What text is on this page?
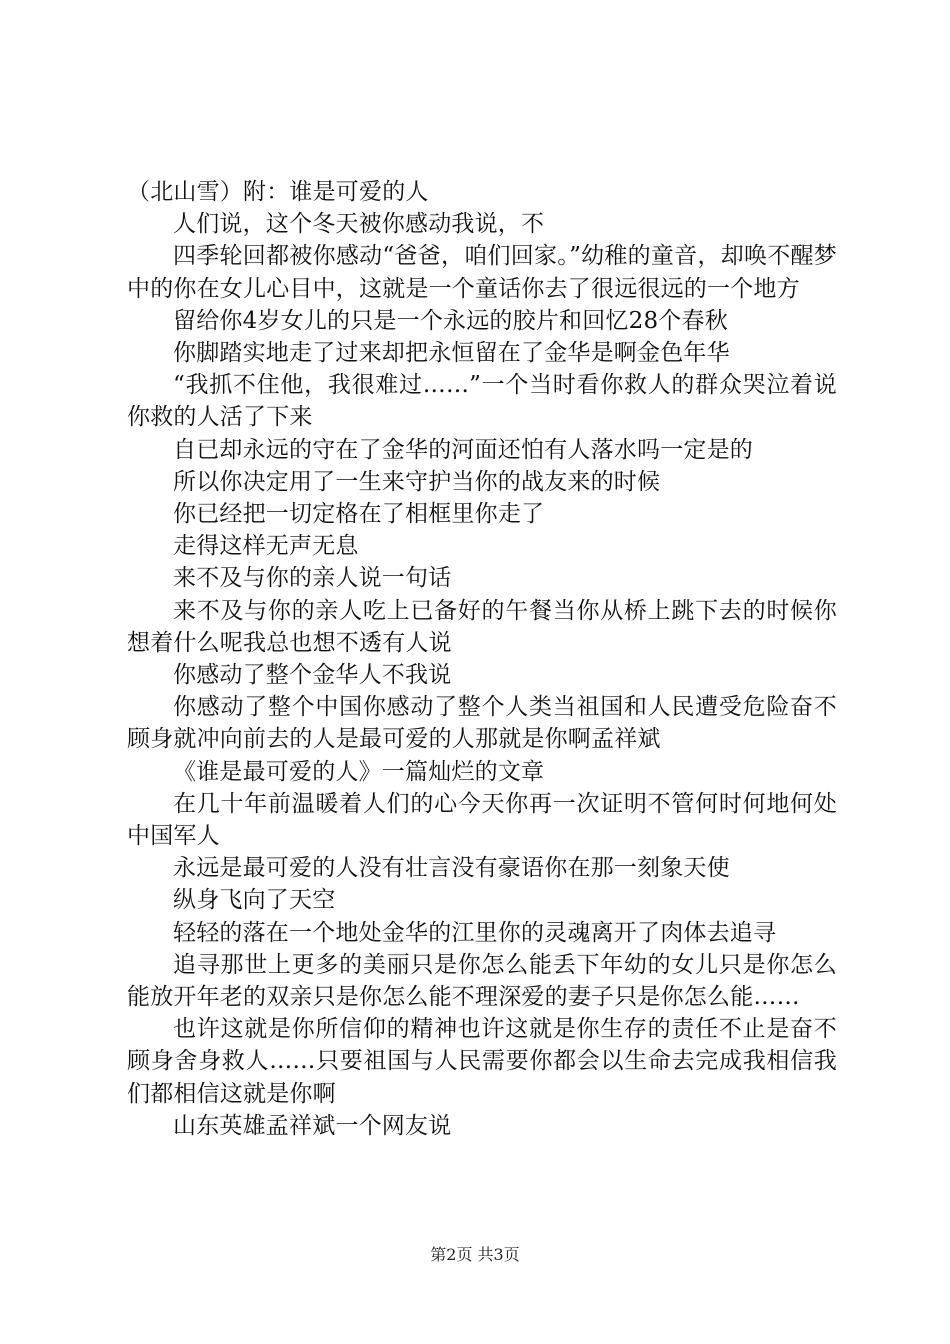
（北山雪）附：谁是可爱的人

人们说，这个冬天被你感动我说，不

四季轮回都被你感动“爸爸，咱们回家。”幼稚的童音，却唤不醒梦中的你在女儿心目中，这就是一个童话你去了很远很远的一个地方

留给你4岁女儿的只是一个永远的胶片和回忆28个春秋

你脚踏实地走了过来却把永恒留在了金华是啊金色年华

“我抓不住他，我很难过……”一个当时看你救人的群众哭泣着说你救的人活了下来

自已却永远的守在了金华的河面还怕有人落水吗一定是的

所以你决定用了一生来守护当你的战友来的时候

你已经把一切定格在了相框里你走了

走得这样无声无息

来不及与你的亲人说一句话

来不及与你的亲人吃上已备好的午餐当你从桥上跳下去的时候你想着什么呢我总也想不透有人说

你感动了整个金华人不我说

你感动了整个中国你感动了整个人类当祖国和人民遭受危险奋不顾身就冲向前去的人是最可爱的人那就是你啊孟祥斌

《谁是最可爱的人》一篇灿烂的文章

在几十年前温暖着人们的心今天你再一次证明不管何时何地何处中国军人

永远是最可爱的人没有壮言没有豪语你在那一刻象天使

纵身飞向了天空

轻轻的落在一个地处金华的江里你的灵魂离开了肉体去追寻

追寻那世上更多的美丽只是你怎么能丢下年幼的女儿只是你怎么能放开年老的双亲只是你怎么能不理深爱的妻子只是你怎么能……

也许这就是你所信仰的精神也许这就是你生存的责任不止是奋不顾身舍身救人……只要祖国与人民需要你都会以生命去完成我相信我们都相信这就是你啊

山东英雄孟祥斌一个网友说

第2页 共3页
